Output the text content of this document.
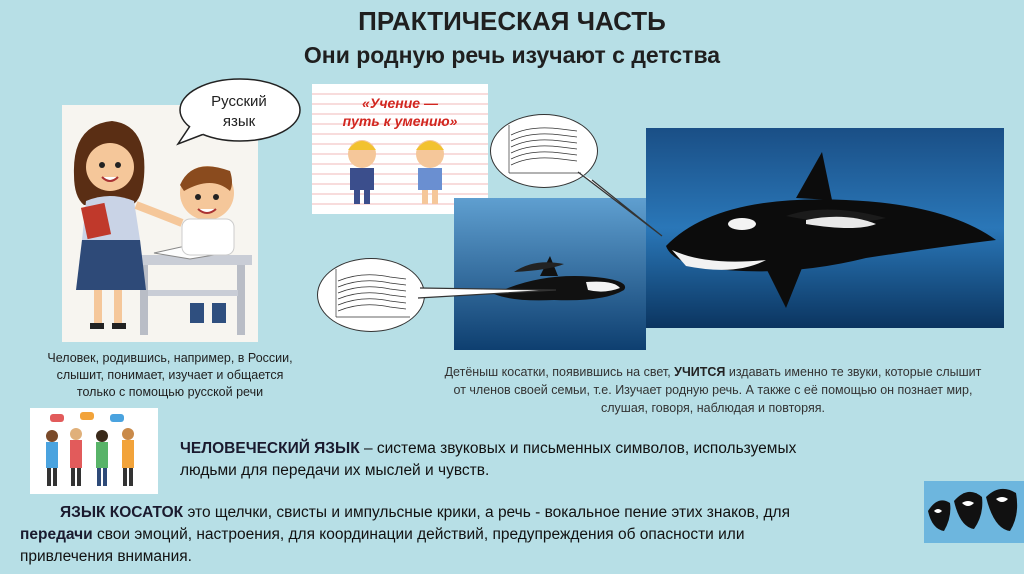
ПРАКТИЧЕСКАЯ ЧАСТЬ
Они родную речь изучают с детства
Русский
язык
Человек, родившись, например, в России,
слышит, понимает, изучает и общается
только с помощью русской речи
«Учение —
путь к умению»
Детёныш косатки, появившись на свет, УЧИТСЯ издавать именно те звуки, которые слышит
от членов своей семьи, т.е. Изучает родную речь. А также с её помощью он познает мир,
слушая, говоря, наблюдая и повторяя.
ЧЕЛОВЕЧЕСКИЙ ЯЗЫК – система звуковых и письменных символов, используемых
людьми для передачи их мыслей и чувств.
ЯЗЫК КОСАТОК это щелчки, свисты и импульсные крики, а речь - вокальное пение этих знаков, для
передачи свои эмоций, настроения, для координации действий, предупреждения об опасности или
привлечения внимания.
